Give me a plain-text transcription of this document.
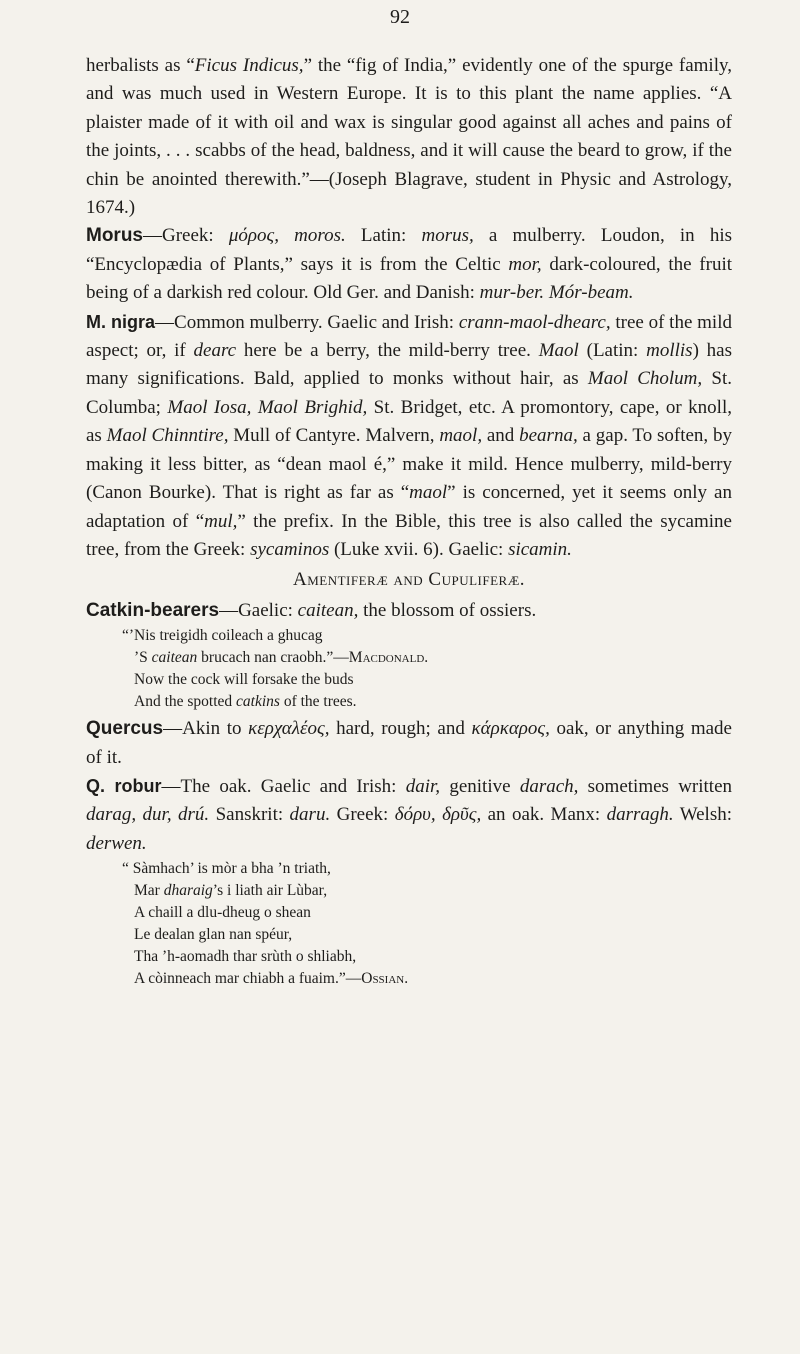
92

herbalists as “Ficus Indicus,” the “fig of India,” evidently one of the spurge family, and was much used in Western Europe. It is to this plant the name applies. “A plaister made of it with oil and wax is singular good against all aches and pains of the joints, . . . scabbs of the head, baldness, and it will cause the beard to grow, if the chin be anointed therewith.”—(Joseph Blagrave, student in Physic and Astrology, 1674.)

Morus—Greek: μόρος, moros. Latin: morus, a mulberry. Loudon, in his “Encyclopædia of Plants,” says it is from the Celtic mor, dark-coloured, the fruit being of a darkish red colour. Old Ger. and Danish: mur-ber. Mór-beam.

M. nigra—Common mulberry. Gaelic and Irish: crann-maol-dhearc, tree of the mild aspect; or, if dearc here be a berry, the mild-berry tree. Maol (Latin: mollis) has many significations. Bald, applied to monks without hair, as Maol Cholum, St. Columba; Maol Iosa, Maol Brighid, St. Bridget, etc. A promontory, cape, or knoll, as Maol Chinntire, Mull of Cantyre. Malvern, maol, and bearna, a gap. To soften, by making it less bitter, as “dean maol é,” make it mild. Hence mulberry, mild-berry (Canon Bourke). That is right as far as “maol” is concerned, yet it seems only an adaptation of “mul,” the prefix. In the Bible, this tree is also called the sycamine tree, from the Greek: sycaminos (Luke xvii. 6). Gaelic: sicamin.

Amentiferæ and Cupuliferæ.

Catkin-bearers—Gaelic: caitean, the blossom of ossiers.

“’Nis treigidh coileach a ghucag
’S caitean brucach nan craobh.”—Macdonald.
Now the cock will forsake the buds
And the spotted catkins of the trees.

Quercus—Akin to κερχαλέος, hard, rough; and κάρκαρος, oak, or anything made of it.

Q. robur—The oak. Gaelic and Irish: dair, genitive darach, sometimes written darag, dur, drú. Sanskrit: daru. Greek: δόρυ, δρῦς, an oak. Manx: darragh. Welsh: derwen.

“ Sàmhach’ is mòr a bha ’n triath,
Mar dharaig’s i liath air Lùbar,
A chaill a dlu-dheug o shean
Le dealan glan nan spéur,
Tha ’h-aomadh thar srùth o shliabh,
A còinneach mar chiabh a fuaim.”—Ossian.
